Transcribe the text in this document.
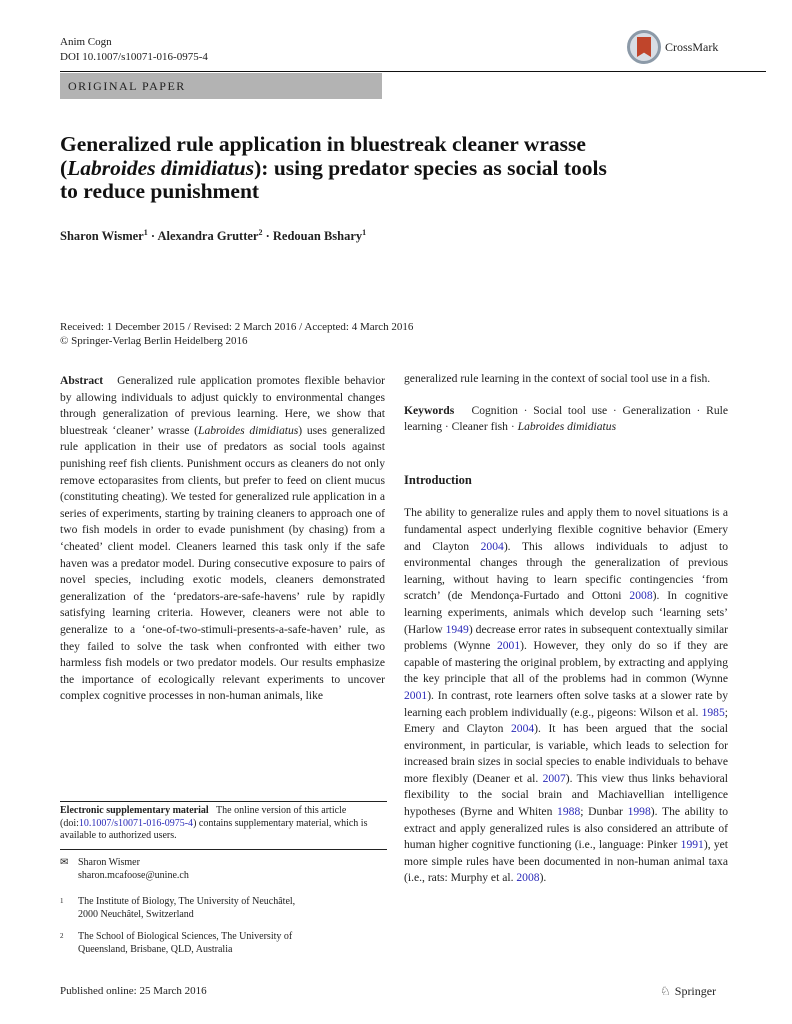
Anim Cogn
DOI 10.1007/s10071-016-0975-4
CrossMark
ORIGINAL PAPER
Generalized rule application in bluestreak cleaner wrasse
(Labroides dimidiatus): using predator species as social tools
to reduce punishment
Sharon Wismer$^1$ · Alexandra Grutter$^2$ · Redouan Bshary$^1$
Received: 1 December 2015 / Revised: 2 March 2016 / Accepted: 4 March 2016
© Springer-Verlag Berlin Heidelberg 2016
Abstract Generalized rule application promotes flexible behavior by allowing individuals to adjust quickly to environmental changes through generalization of previous learning. Here, we show that bluestreak ‘cleaner’ wrasse (Labroides dimidiatus) uses generalized rule application in their use of predators as social tools against punishing reef fish clients. Punishment occurs as cleaners do not only remove ectoparasites from clients, but prefer to feed on client mucus (constituting cheating). We tested for generalized rule application in a series of experiments, starting by training cleaners to approach one of two fish models in order to evade punishment (by chasing) from a ‘cheated’ client model. Cleaners learned this task only if the safe haven was a predator model. During consecutive exposure to pairs of novel species, including exotic models, cleaners demonstrated generalization of the ‘predators-are-safe-havens’ rule by rapidly satisfying learning criteria. However, cleaners were not able to generalize to a ‘one-of-two-stimuli-presents-a-safe-haven’ rule, as they failed to solve the task when confronted with either two harmless fish models or two predator models. Our results emphasize the importance of ecologically relevant experiments to uncover complex cognitive processes in non-human animals, like
Electronic supplementary material The online version of this article (doi:10.1007/s10071-016-0975-4) contains supplementary material, which is available to authorized users.
✉ Sharon Wismer
sharon.mcafoose@unine.ch
1	The Institute of Biology, The University of Neuchâtel,
2000 Neuchâtel, Switzerland
2	The School of Biological Sciences, The University of
Queensland, Brisbane, QLD, Australia
generalized rule learning in the context of social tool use in a fish.
Keywords Cognition · Social tool use · Generalization · Rule learning · Cleaner fish · Labroides dimidiatus
Introduction
The ability to generalize rules and apply them to novel situations is a fundamental aspect underlying flexible cognitive behavior (Emery and Clayton 2004). This allows individuals to adjust to environmental changes through the generalization of previous learning, without having to learn specific contingencies ‘from scratch’ (de Mendonça-Furtado and Ottoni 2008). In cognitive learning experiments, animals which develop such ‘learning sets’ (Harlow 1949) decrease error rates in subsequent contextually similar problems (Wynne 2001). However, they only do so if they are capable of mastering the original problem, by extracting and applying the key principle that all of the problems had in common (Wynne 2001). In contrast, rote learners often solve tasks at a slower rate by learning each problem individually (e.g., pigeons: Wilson et al. 1985; Emery and Clayton 2004). It has been argued that the social environment, in particular, is variable, which leads to selection for increased brain sizes in social species to enable individuals to behave more flexibly (Deaner et al. 2007). This view thus links behavioral flexibility to the social brain and Machiavellian intelligence hypotheses (Byrne and Whiten 1988; Dunbar 1998). The ability to extract and apply generalized rules is also considered an attribute of human higher cognitive functioning (i.e., language: Pinker 1991), yet more simple rules have been documented in non-human animal taxa (i.e., rats: Murphy et al. 2008).
Published online: 25 March 2016	♘ Springer
